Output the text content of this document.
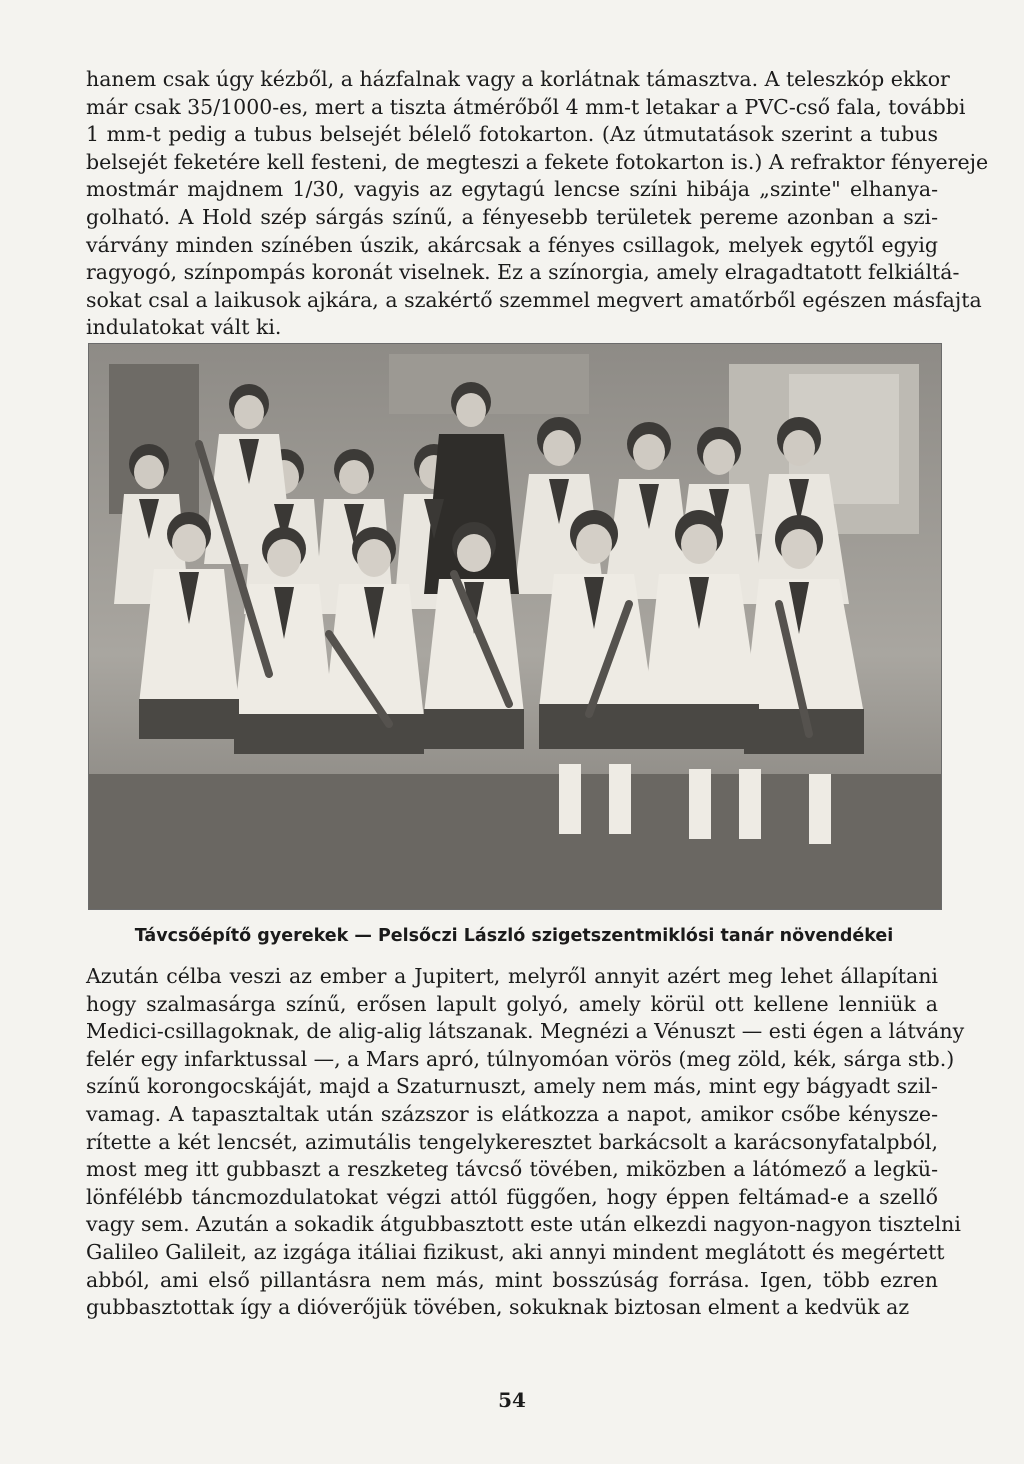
hanem csak úgy kézből, a házfalnak vagy a korlátnak támasztva. A teleszkóp ekkor
már csak 35/1000-es, mert a tiszta átmérőből 4 mm-t letakar a PVC-cső fala, további
1 mm-t pedig a tubus belsejét bélelő fotokarton. (Az útmutatások szerint a tubus
belsejét feketére kell festeni, de megteszi a fekete fotokarton is.) A refraktor fényereje
mostmár majdnem 1/30, vagyis az egytagú lencse színi hibája „szinte" elhanya-
golható. A Hold szép sárgás színű, a fényesebb területek pereme azonban a szi-
várvány minden színében úszik, akárcsak a fényes csillagok, melyek egytől egyig
ragyogó, színpompás koronát viselnek. Ez a színorgia, amely elragadtatott felkiáltá-
sokat csal a laikusok ajkára, a szakértő szemmel megvert amatőrből egészen másfajta
indulatokat vált ki.

Távcsőépítő gyerekek — Pelsőczi László szigetszentmiklósi tanár növendékei

Azután célba veszi az ember a Jupitert, melyről annyit azért meg lehet állapítani
hogy szalmasárga színű, erősen lapult golyó, amely körül ott kellene lenniük a
Medici-csillagoknak, de alig-alig látszanak. Megnézi a Vénuszt — esti égen a látvány
felér egy infarktussal —, a Mars apró, túlnyomóan vörös (meg zöld, kék, sárga stb.)
színű korongocskáját, majd a Szaturnuszt, amely nem más, mint egy bágyadt szil-
vamag. A tapasztaltak után százszor is elátkozza a napot, amikor csőbe kénysze-
rítette a két lencsét, azimutális tengelykeresztet barkácsolt a karácsonyfatalpból,
most meg itt gubbaszt a reszketeg távcső tövében, miközben a látómező a legkü-
lönfélébb táncmozdulatokat végzi attól függően, hogy éppen feltámad-e a szellő
vagy sem. Azután a sokadik átgubbasztott este után elkezdi nagyon-nagyon tisztelni
Galileo Galileit, az izgága itáliai fizikust, aki annyi mindent meglátott és megértett
abból, ami első pillantásra nem más, mint bosszúság forrása. Igen, több ezren
gubbasztottak így a dióverőjük tövében, sokuknak biztosan elment a kedvük az

54
